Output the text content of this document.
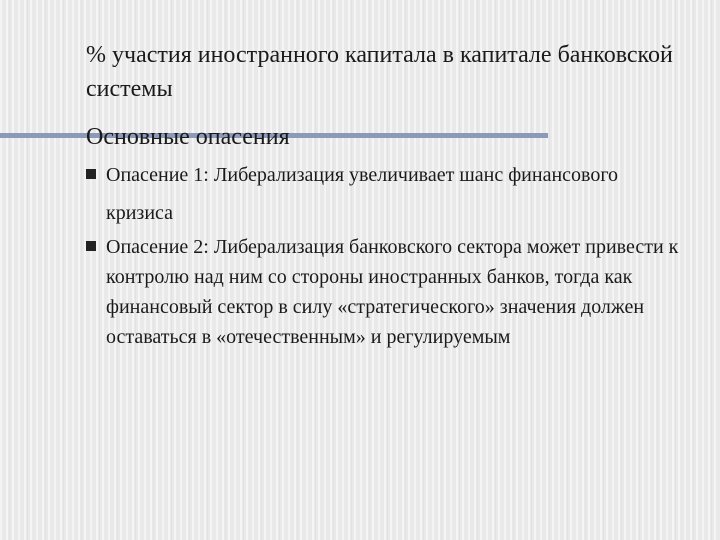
% участия иностранного капитала в капитале банковской системы
Основные опасения
Опасение 1: Либерализация увеличивает шанс финансового кризиса
Опасение 2: Либерализация банковского сектора может привести к контролю над ним со стороны иностранных банков, тогда как финансовый сектор в силу «стратегического» значения должен оставаться в «отечественным» и регулируемым
